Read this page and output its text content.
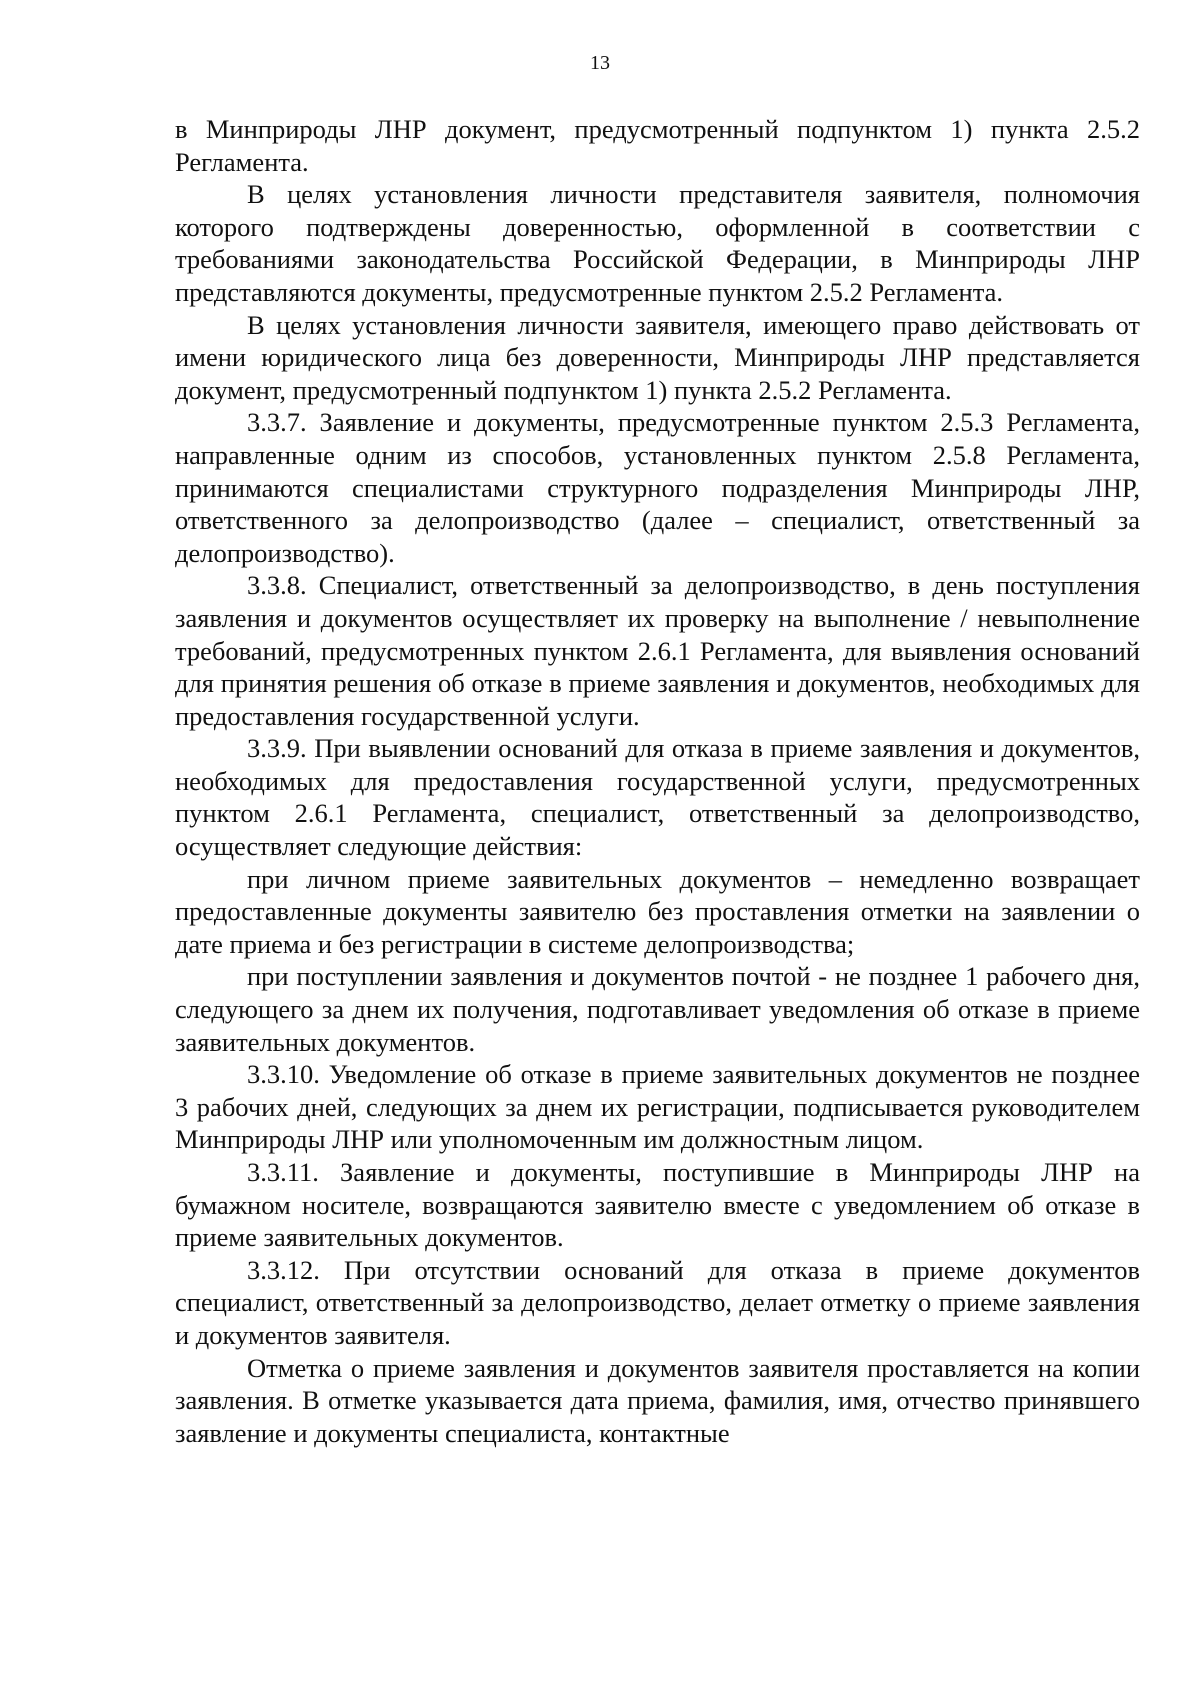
13

в Минприроды ЛНР документ, предусмотренный подпунктом 1) пункта 2.5.2 Регламента.

В целях установления личности представителя заявителя, полномочия которого подтверждены доверенностью, оформленной в соответствии с требованиями законодательства Российской Федерации, в Минприроды ЛНР представляются документы, предусмотренные пунктом 2.5.2 Регламента.

В целях установления личности заявителя, имеющего право действовать от имени юридического лица без доверенности, Минприроды ЛНР представляется документ, предусмотренный подпунктом 1) пункта 2.5.2 Регламента.

3.3.7. Заявление и документы, предусмотренные пунктом 2.5.3 Регламента, направленные одним из способов, установленных пунктом 2.5.8 Регламента, принимаются специалистами структурного подразделения Минприроды ЛНР, ответственного за делопроизводство (далее – специалист, ответственный за делопроизводство).

3.3.8. Специалист, ответственный за делопроизводство, в день поступления заявления и документов осуществляет их проверку на выполнение / невыполнение требований, предусмотренных пунктом 2.6.1 Регламента, для выявления оснований для принятия решения об отказе в приеме заявления и документов, необходимых для предоставления государственной услуги.

3.3.9. При выявлении оснований для отказа в приеме заявления и документов, необходимых для предоставления государственной услуги, предусмотренных пунктом 2.6.1 Регламента, специалист, ответственный за делопроизводство, осуществляет следующие действия:

при личном приеме заявительных документов – немедленно возвращает предоставленные документы заявителю без проставления отметки на заявлении о дате приема и без регистрации в системе делопроизводства;

при поступлении заявления и документов почтой - не позднее 1 рабочего дня, следующего за днем их получения, подготавливает уведомления об отказе в приеме заявительных документов.

3.3.10. Уведомление об отказе в приеме заявительных документов не позднее 3 рабочих дней, следующих за днем их регистрации, подписывается руководителем Минприроды ЛНР или уполномоченным им должностным лицом.

3.3.11. Заявление и документы, поступившие в Минприроды ЛНР на бумажном носителе, возвращаются заявителю вместе с уведомлением об отказе в приеме заявительных документов.

3.3.12. При отсутствии оснований для отказа в приеме документов специалист, ответственный за делопроизводство, делает отметку о приеме заявления и документов заявителя.

Отметка о приеме заявления и документов заявителя проставляется на копии заявления. В отметке указывается дата приема, фамилия, имя, отчество принявшего заявление и документы специалиста, контактные
